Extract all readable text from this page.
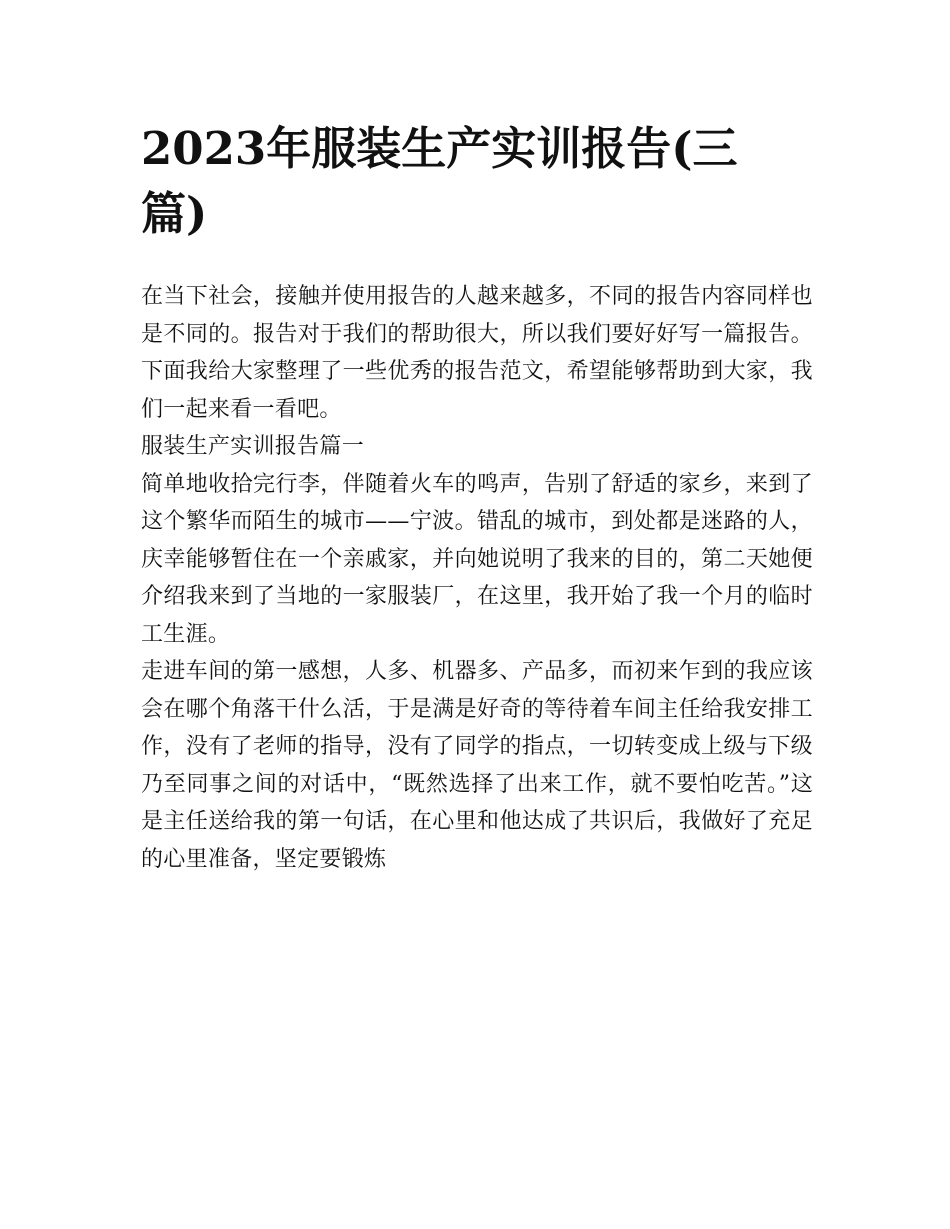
2023年服装生产实训报告(三篇)

在当下社会，接触并使用报告的人越来越多，不同的报告内容同样也是不同的。报告对于我们的帮助很大，所以我们要好好写一篇报告。下面我给大家整理了一些优秀的报告范文，希望能够帮助到大家，我们一起来看一看吧。

服装生产实训报告篇一

简单地收拾完行李，伴随着火车的鸣声，告别了舒适的家乡，来到了这个繁华而陌生的城市——宁波。错乱的城市，到处都是迷路的人，庆幸能够暂住在一个亲戚家，并向她说明了我来的目的，第二天她便介绍我来到了当地的一家服装厂，在这里，我开始了我一个月的临时工生涯。

走进车间的第一感想，人多、机器多、产品多，而初来乍到的我应该会在哪个角落干什么活，于是满是好奇的等待着车间主任给我安排工作，没有了老师的指导，没有了同学的指点，一切转变成上级与下级乃至同事之间的对话中，“既然选择了出来工作，就不要怕吃苦。”这是主任送给我的第一句话，在心里和他达成了共识后，我做好了充足的心里准备，坚定要锻炼
